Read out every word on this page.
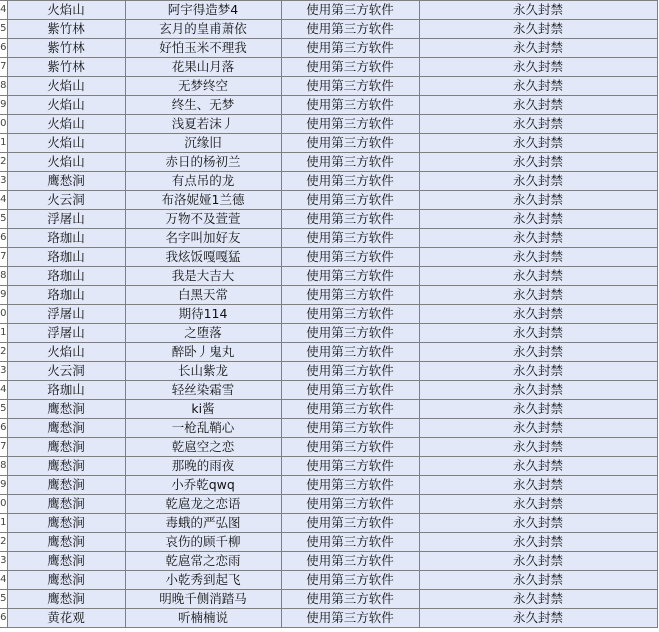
4	火焰山	阿宇得造梦4	使用第三方软件	永久封禁
5	紫竹林	玄月的皇甫萧依	使用第三方软件	永久封禁
6	紫竹林	好怕玉米不理我	使用第三方软件	永久封禁
7	紫竹林	花果山月落	使用第三方软件	永久封禁
8	火焰山	无梦终空	使用第三方软件	永久封禁
9	火焰山	终生、无梦	使用第三方软件	永久封禁
0	火焰山	浅夏若沫丿	使用第三方软件	永久封禁
1	火焰山	沉缘旧	使用第三方软件	永久封禁
2	火焰山	赤日的杨初兰	使用第三方软件	永久封禁
3	鹰愁涧	有点吊的龙	使用第三方软件	永久封禁
4	火云洞	布洛妮娅1兰德	使用第三方软件	永久封禁
5	浮屠山	万物不及萱萱	使用第三方软件	永久封禁
6	珞珈山	名字叫加好友	使用第三方软件	永久封禁
7	珞珈山	我炫饭嘎嘎猛	使用第三方软件	永久封禁
8	珞珈山	我是大吉大	使用第三方软件	永久封禁
9	珞珈山	白黑天常	使用第三方软件	永久封禁
0	浮屠山	期待114	使用第三方软件	永久封禁
1	浮屠山	之堕落	使用第三方软件	永久封禁
2	火焰山	醉卧丿鬼丸	使用第三方软件	永久封禁
3	火云洞	长山紫龙	使用第三方软件	永久封禁
4	珞珈山	轻丝染霜雪	使用第三方软件	永久封禁
5	鹰愁涧	ki酱	使用第三方软件	永久封禁
6	鹰愁涧	一枪乱鞘心	使用第三方软件	永久封禁
7	鹰愁涧	乾扈空之恋	使用第三方软件	永久封禁
8	鹰愁涧	那晚的雨夜	使用第三方软件	永久封禁
9	鹰愁涧	小乔乾qwq	使用第三方软件	永久封禁
0	鹰愁涧	乾扈龙之恋语	使用第三方软件	永久封禁
1	鹰愁涧	毒蛾的严弘图	使用第三方软件	永久封禁
2	鹰愁涧	哀伤的顾千柳	使用第三方软件	永久封禁
3	鹰愁涧	乾扈常之恋雨	使用第三方软件	永久封禁
4	鹰愁涧	小乾秀到起飞	使用第三方软件	永久封禁
5	鹰愁涧	明晚千侧消踏马	使用第三方软件	永久封禁
6	黄花观	听楠楠说	使用第三方软件	永久封禁
